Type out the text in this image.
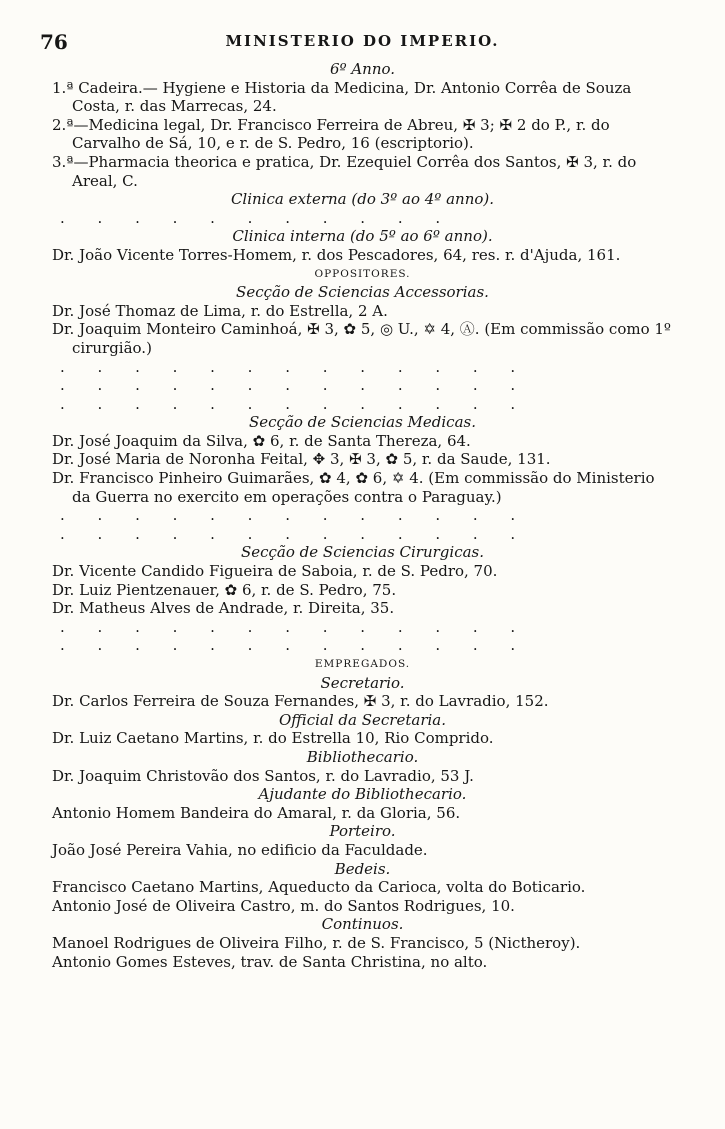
76	MINISTERIO DO IMPERIO.
6º Anno.
1.ª Cadeira.— Hygiene e Historia da Medicina, Dr. Antonio Corrêa de Souza Costa, r. das Marrecas, 24.
2.ª—Medicina legal, Dr. Francisco Ferreira de Abreu, ✠ 3; ✠ 2 do P., r. do Carvalho de Sá, 10, e r. de S. Pedro, 16 (escriptorio).
3.ª—Pharmacia theorica e pratica, Dr. Ezequiel Corrêa dos Santos, ✠ 3, r. do Areal, C.
Clinica externa (do 3º ao 4º anno).
. . . . . . . . . . .
Clinica interna (do 5º ao 6º anno).
Dr. João Vicente Torres-Homem, r. dos Pescadores, 64, res. r. d'Ajuda, 161.
OPPOSITORES.
Secção de Sciencias Accessorias.
Dr. José Thomaz de Lima, r. do Estrella, 2 A.
Dr. Joaquim Monteiro Caminhoá, ✠ 3, ✿ 5, ◎ U., ✡ 4, Ⓐ. (Em commissão como 1º cirurgião.)
. . . . . . . . . . . . .
. . . . . . . . . . . . .
. . . . . . . . . . . . .
Secção de Sciencias Medicas.
Dr. José Joaquim da Silva, ✿ 6, r. de Santa Thereza, 64.
Dr. José Maria de Noronha Feital, ✥ 3, ✠ 3, ✿ 5, r. da Saude, 131.
Dr. Francisco Pinheiro Guimarães, ✿ 4, ✿ 6, ✡ 4. (Em commissão do Ministerio da Guerra no exercito em operações contra o Paraguay.)
. . . . . . . . . . . . .
. . . . . . . . . . . . .
Secção de Sciencias Cirurgicas.
Dr. Vicente Candido Figueira de Saboia, r. de S. Pedro, 70.
Dr. Luiz Pientzenauer, ✿ 6, r. de S. Pedro, 75.
Dr. Matheus Alves de Andrade, r. Direita, 35.
. . . . . . . . . . . . .
. . . . . . . . . . . . .
EMPREGADOS.
Secretario.
Dr. Carlos Ferreira de Souza Fernandes, ✠ 3, r. do Lavradio, 152.
Official da Secretaria.
Dr. Luiz Caetano Martins, r. do Estrella 10, Rio Comprido.
Bibliothecario.
Dr. Joaquim Christovão dos Santos, r. do Lavradio, 53 J.
Ajudante do Bibliothecario.
Antonio Homem Bandeira do Amaral, r. da Gloria, 56.
Porteiro.
João José Pereira Vahia, no edificio da Faculdade.
Bedeis.
Francisco Caetano Martins, Aqueducto da Carioca, volta do Boticario.
Antonio José de Oliveira Castro, m. do Santos Rodrigues, 10.
Continuos.
Manoel Rodrigues de Oliveira Filho, r. de S. Francisco, 5 (Nictheroy).
Antonio Gomes Esteves, trav. de Santa Christina, no alto.
